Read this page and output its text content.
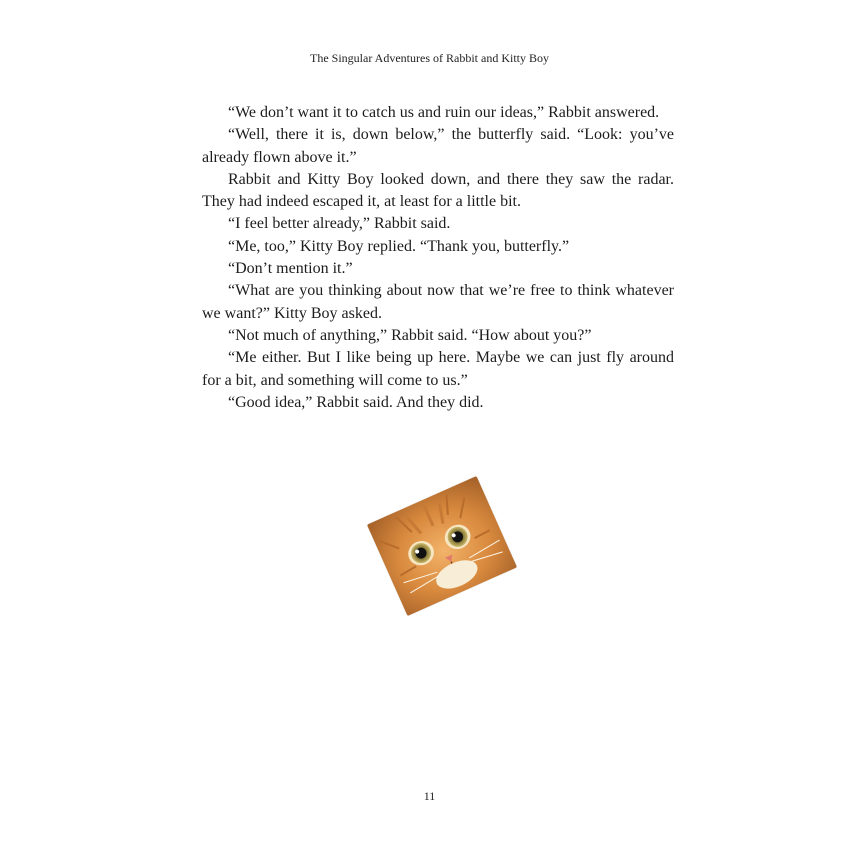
The Singular Adventures of Rabbit and Kitty Boy

“We don’t want it to catch us and ruin our ideas,” Rabbit answered.

“Well, there it is, down below,” the butterfly said. “Look: you’ve already flown above it.”

Rabbit and Kitty Boy looked down, and there they saw the radar. They had indeed escaped it, at least for a little bit.

“I feel better already,” Rabbit said.

“Me, too,” Kitty Boy replied. “Thank you, butterfly.”

“Don’t mention it.”

“What are you thinking about now that we’re free to think whatever we want?” Kitty Boy asked.

“Not much of anything,” Rabbit said. “How about you?”

“Me either. But I like being up here. Maybe we can just fly around for a bit, and something will come to us.”

“Good idea,” Rabbit said. And they did.

11
